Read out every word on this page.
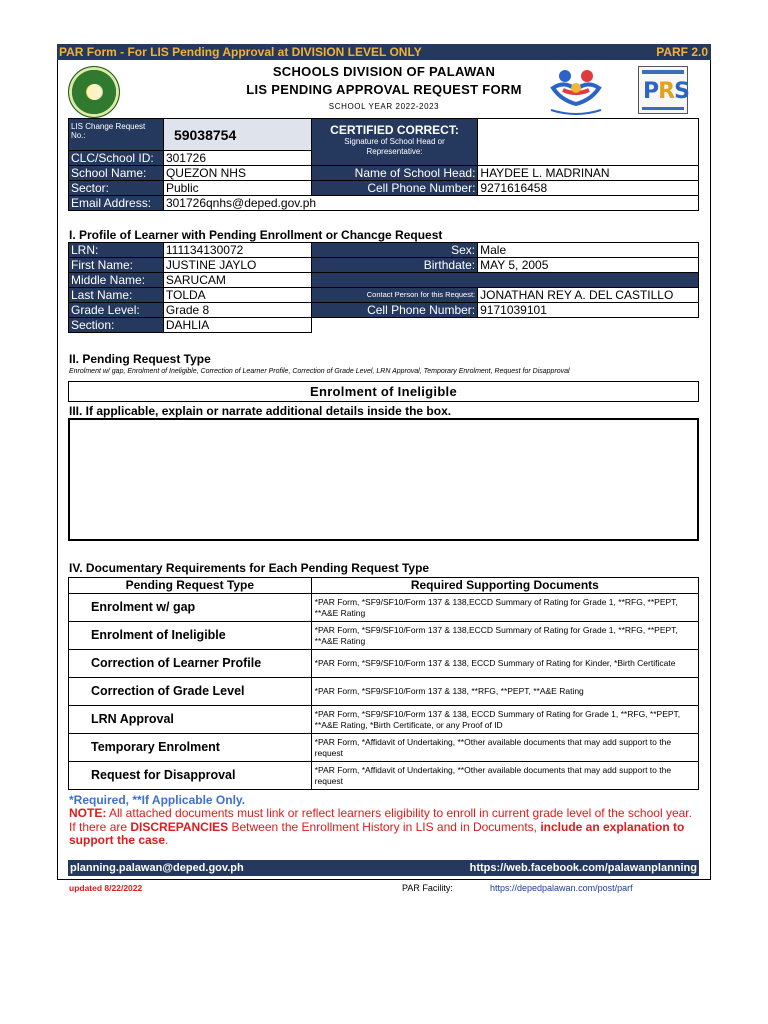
PAR Form - For LIS Pending Approval at DIVISION LEVEL ONLY	PARF 2.0
PRS
SCHOOLS DIVISION OF PALAWAN
LIS PENDING APPROVAL REQUEST FORM
SCHOOL YEAR 2022-2023
LIS Change Request No.:	59038754	CERTIFIED CORRECT:
Signature of School Head or Representative:	

CLC/School ID:	301726		
School Name:	QUEZON NHS	Name of School Head:	HAYDEE L. MADRINAN
Sector:	Public	Cell Phone Number:	9271616458
Email Address:	301726qnhs@deped.gov.ph		
I. Profile of Learner with Pending Enrollment or Chancge Request
LRN:	111134130072	Sex:	Male
First Name:	JUSTINE JAYLO	Birthdate:	MAY 5, 2005
Middle Name:	SARUCAM		
Last Name:	TOLDA	Contact Person for this Request:	JONATHAN REY A. DEL CASTILLO
Grade Level:	Grade 8	Cell Phone Number:	9171039101
Section:	DAHLIA		
II. Pending Request Type
Enrolment w/ gap, Enrolment of Ineligible, Correction of Learner Profile, Correction of Grade Level, LRN Approval, Temporary Enrolment, Request for Disapproval
Enrolment of Ineligible
III. If applicable, explain or narrate additional details inside the box.
IV. Documentary Requirements for Each Pending Request Type
Pending Request Type	Required Supporting Documents
Enrolment w/ gap	*PAR Form, *SF9/SF10/Form 137 & 138,ECCD Summary of Rating for Grade 1, **RFG, **PEPT, **A&E Rating
Enrolment of Ineligible	*PAR Form, *SF9/SF10/Form 137 & 138,ECCD Summary of Rating for Grade 1, **RFG, **PEPT, **A&E Rating
Correction of Learner Profile	*PAR Form, *SF9/SF10/Form 137 & 138, ECCD Summary of Rating for Kinder, *Birth Certificate
Correction of Grade Level	*PAR Form, *SF9/SF10/Form 137 & 138, **RFG, **PEPT, **A&E Rating
LRN Approval	*PAR Form, *SF9/SF10/Form 137 & 138, ECCD Summary of Rating for Grade 1, **RFG, **PEPT, **A&E Rating, *Birth Certificate, or any Proof of ID
Temporary Enrolment	*PAR Form, *Affidavit of Undertaking, **Other available documents that may add support to the request
Request for Disapproval	*PAR Form, *Affidavit of Undertaking, **Other available documents that may add support to the request
*Required, **If Applicable Only.
NOTE: All attached documents must link or reflect learners eligibility to enroll in current grade level of the school year. If there are DISCREPANCIES Between the Enrollment History in LIS and in Documents, include an explanation to support the case.
planning.palawan@deped.gov.ph	https://web.facebook.com/palawanplanning
updated 8/22/2022	PAR Facility:	https://depedpalawan.com/post/parf
